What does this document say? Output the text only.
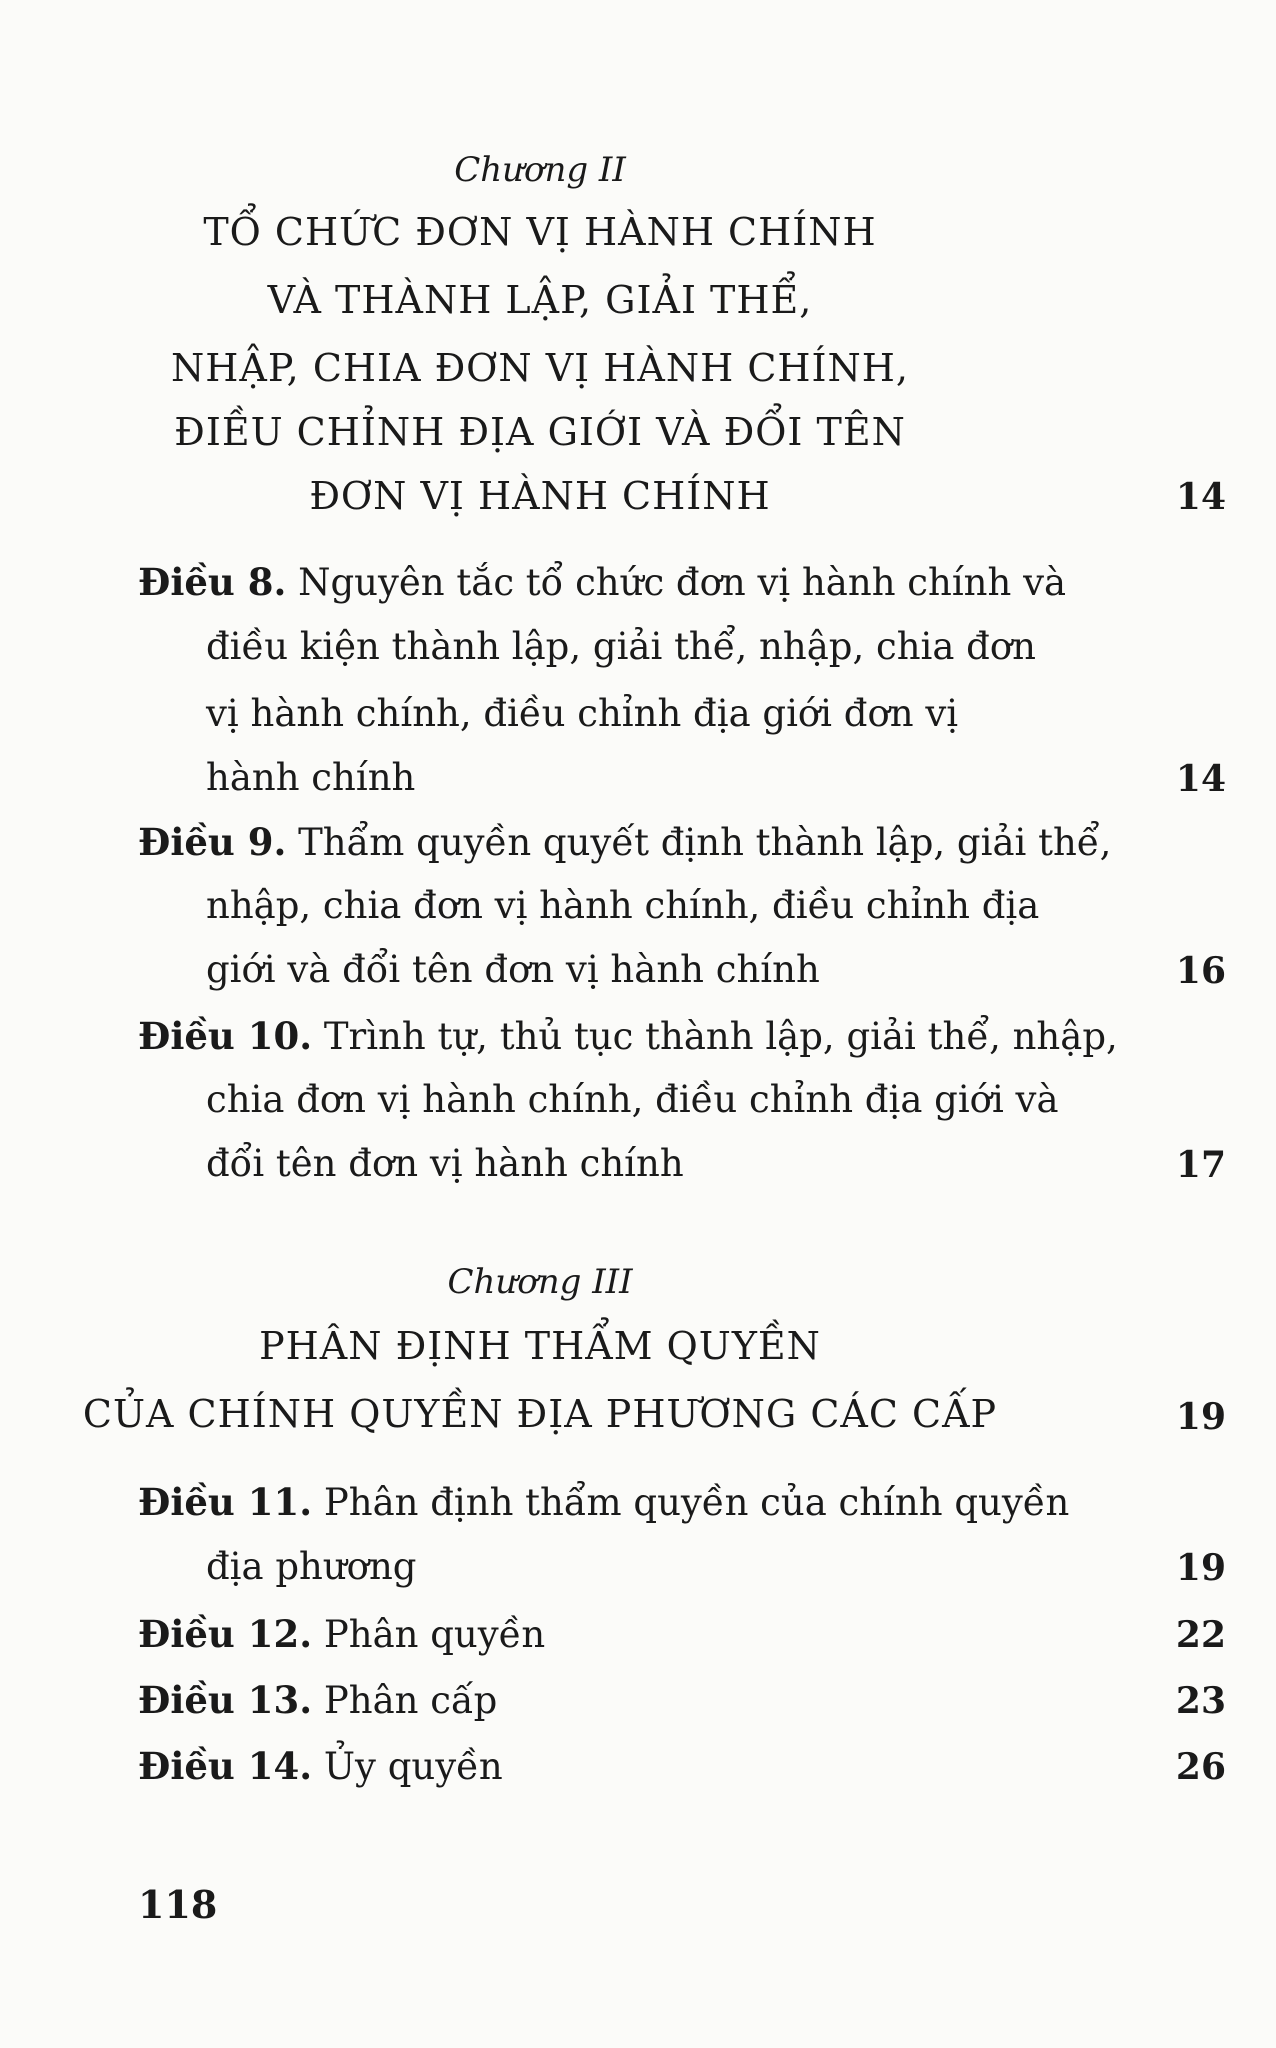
Chương II
TỔ CHỨC ĐƠN VỊ HÀNH CHÍNH
VÀ THÀNH LẬP, GIẢI THỂ,
NHẬP, CHIA ĐƠN VỊ HÀNH CHÍNH,
ĐIỀU CHỈNH ĐỊA GIỚI VÀ ĐỔI TÊN
ĐƠN VỊ HÀNH CHÍNH	14
Điều 8. Nguyên tắc tổ chức đơn vị hành chính và
điều kiện thành lập, giải thể, nhập, chia đơn
vị hành chính, điều chỉnh địa giới đơn vị
hành chính	14
Điều 9. Thẩm quyền quyết định thành lập, giải thể,
nhập, chia đơn vị hành chính, điều chỉnh địa
giới và đổi tên đơn vị hành chính	16
Điều 10. Trình tự, thủ tục thành lập, giải thể, nhập,
chia đơn vị hành chính, điều chỉnh địa giới và
đổi tên đơn vị hành chính	17
Chương III
PHÂN ĐỊNH THẨM QUYỀN
CỦA CHÍNH QUYỀN ĐỊA PHƯƠNG CÁC CẤP	19
Điều 11. Phân định thẩm quyền của chính quyền
địa phương	19
Điều 12. Phân quyền	22
Điều 13. Phân cấp	23
Điều 14. Ủy quyền	26
118
